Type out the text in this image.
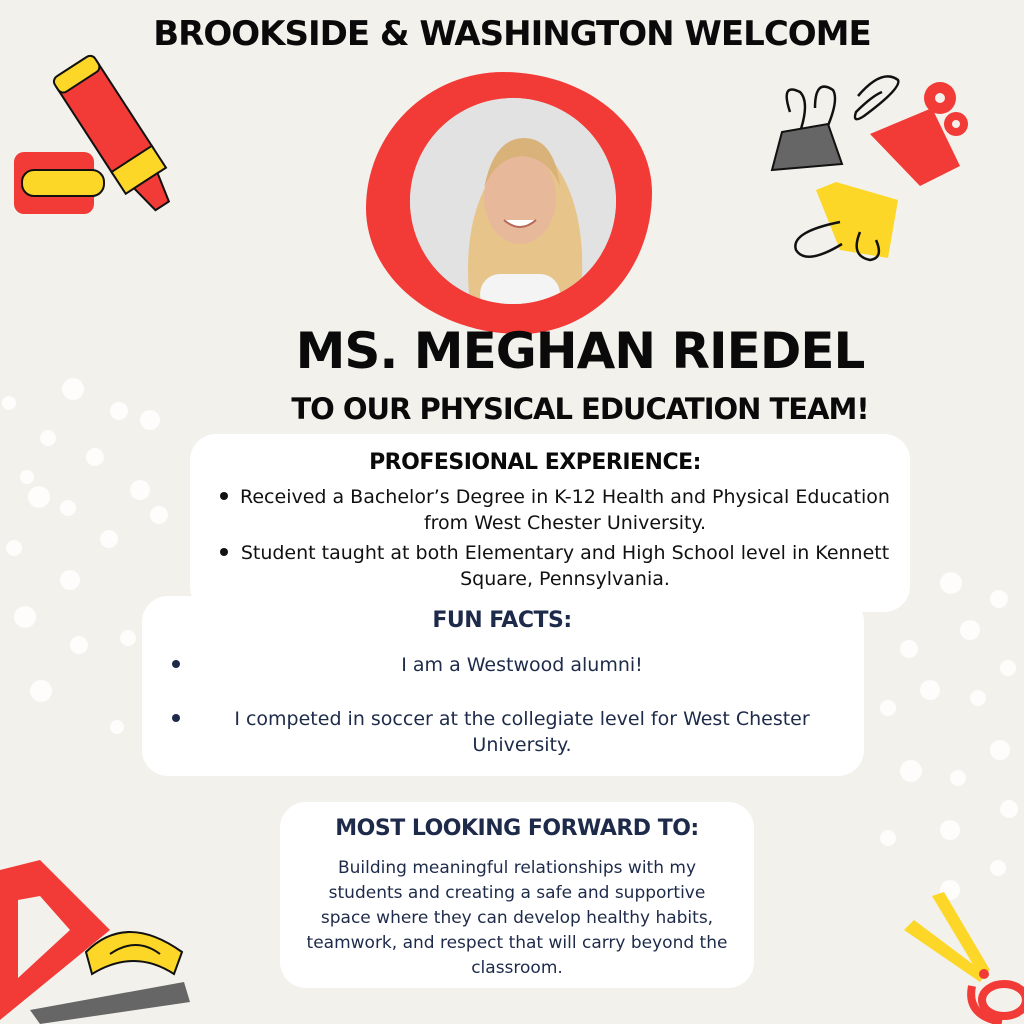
BROOKSIDE & WASHINGTON WELCOME
MS. MEGHAN RIEDEL
TO OUR PHYSICAL EDUCATION TEAM!
PROFESIONAL EXPERIENCE:
Received a Bachelor’s Degree in K-12 Health and Physical Education from West Chester University.
Student taught at both Elementary and High School level in Kennett Square, Pennsylvania.
FUN FACTS:
I am a Westwood alumni!
I competed in soccer at the collegiate level for West Chester University.
MOST LOOKING FORWARD TO:
Building meaningful relationships with my students and creating a safe and supportive space where they can develop healthy habits, teamwork, and respect that will carry beyond the classroom.
